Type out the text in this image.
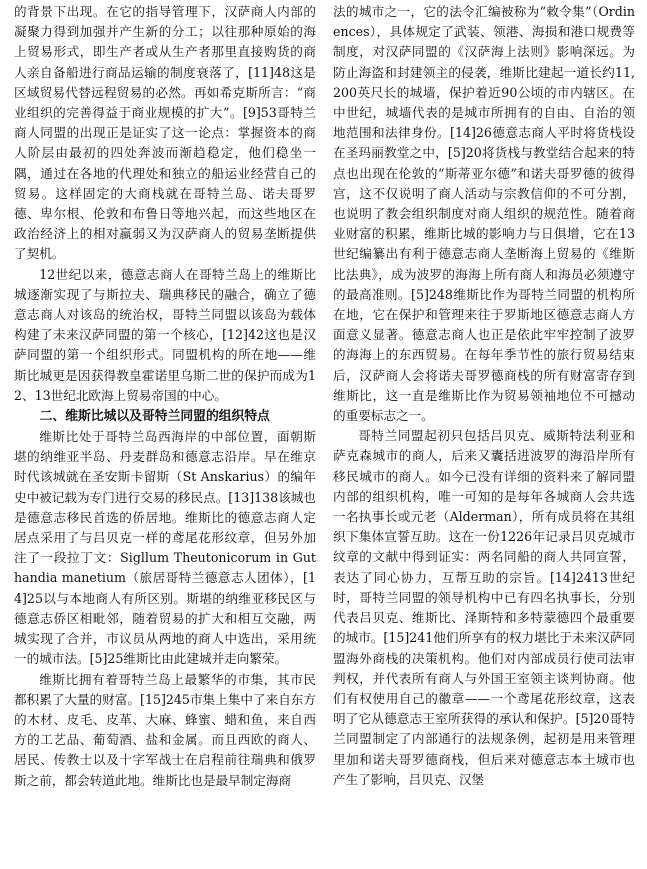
的背景下出现。在它的指导管理下，汉萨商人内部的凝聚力得到加强并产生新的分工；以往那种原始的海上贸易形式，即生产者或从生产者那里直接购货的商人亲自备船进行商品运输的制度衰落了，[11]48这是区域贸易代替远程贸易的必然。再如希克斯所言：“商业组织的完善得益于商业规模的扩大”。[9]53哥特兰商人同盟的出现正是证实了这一论点：掌握资本的商人阶层由最初的四处奔波而渐趋稳定，他们稳坐一隅，通过在各地的代理处和独立的船运业经营自己的贸易。这样固定的大商栈就在哥特兰岛、诺夫哥罗德、卑尔根、伦敦和布鲁日等地兴起，而这些地区在政治经济上的相对羸弱又为汉萨商人的贸易垄断提供了契机。

12世纪以来，德意志商人在哥特兰岛上的维斯比城逐渐实现了与斯拉夫、瑞典移民的融合，确立了德意志商人对该岛的统治权，哥特兰同盟以该岛为载体构建了未来汉萨同盟的第一个核心，[12]42这也是汉萨同盟的第一个组织形式。同盟机构的所在地——维斯比城更是因获得教皇霍诺里乌斯二世的保护而成为12、13世纪北欧海上贸易帝国的中心。

二、维斯比城以及哥特兰同盟的组织特点

维斯比处于哥特兰岛西海岸的中部位置，面朝斯堪的纳维亚半岛、丹麦群岛和德意志沿岸。早在维京时代该城就在圣安斯卡留斯（St Anskarius）的编年史中被记载为专门进行交易的移民点。[13]138该城也是德意志移民首选的侨居地。维斯比的德意志商人定居点采用了与吕贝克一样的鸢尾花形纹章，但另外加注了一段拉丁文：Sigllum Theutonicorum in Guthandia manetium（旅居哥特兰德意志人团体），[14]25以与本地商人有所区别。斯堪的纳维亚移民区与德意志侨区相毗邻，随着贸易的扩大和相互交融，两城实现了合并，市议员从两地的商人中选出，采用统一的城市法。[5]25维斯比由此建城并走向繁荣。

维斯比拥有着哥特兰岛上最繁华的市集，其市民都积累了大量的财富。[15]245市集上集中了来自东方的木材、皮毛、皮革、大麻、蜂蜜、蜡和鱼，来自西方的工艺品、葡萄酒、盐和金属。而且西欧的商人、居民、传教士以及十字军战士在启程前往瑞典和俄罗斯之前，都会转道此地。维斯比也是最早制定海商

法的城市之一，它的法令汇编被称为“敕令集”（Ordinences），具体规定了武装、领港、海损和港口规费等制度，对汉萨同盟的《汉萨海上法则》影响深远。为防止海盗和封建领主的侵袭，维斯比建起一道长约11,200英尺长的城墙，保护着近90公顷的市内辖区。在中世纪，城墙代表的是城市所拥有的自由、自治的领地范围和法律身份。[14]26德意志商人平时将货栈设在圣玛丽教堂之中，[5]20将货栈与教堂结合起来的特点也出现在伦敦的“斯蒂亚尔德”和诺夫哥罗德的彼得宫，这不仅说明了商人活动与宗教信仰的不可分割，也说明了教会组织制度对商人组织的规范性。随着商业财富的积累，维斯比城的影响力与日俱增，它在13世纪编纂出有利于德意志商人垄断海上贸易的《维斯比法典》，成为波罗的海海上所有商人和海员必须遵守的最高准则。[5]248维斯比作为哥特兰同盟的机构所在地，它在保护和管理来往于罗斯地区德意志商人方面意义显著。德意志商人也正是依此牢牢控制了波罗的海海上的东西贸易。在每年季节性的旅行贸易结束后，汉萨商人会将诺夫哥罗德商栈的所有财富寄存到维斯比，这一直是维斯比作为贸易领袖地位不可撼动的重要标志之一。

哥特兰同盟起初只包括吕贝克、威斯特法利亚和萨克森城市的商人，后来又囊括进波罗的海沿岸所有移民城市的商人。如今已没有详细的资料来了解同盟内部的组织机构，唯一可知的是每年各城商人会共选一名执事长或元老（Alderman），所有成员将在其组织下集体宣誓互助。这在一份1226年记录吕贝克城市纹章的文献中得到证实：两名同船的商人共同宣誓，表达了同心协力，互帮互助的宗旨。[14]2413世纪时，哥特兰同盟的领导机构中已有四名执事长，分别代表吕贝克、维斯比、泽斯特和多特蒙德四个最重要的城市。[15]241他们所享有的权力堪比于未来汉萨同盟海外商栈的决策机构。他们对内部成员行使司法审判权，并代表所有商人与外国王室领主谈判协商。他们有权使用自己的徽章——一个鸢尾花形纹章，这表明了它从德意志王室所获得的承认和保护。[5]20哥特兰同盟制定了内部通行的法规条例，起初是用来管理里加和诺夫哥罗德商栈，但后来对德意志本土城市也产生了影响，吕贝克、汉堡
